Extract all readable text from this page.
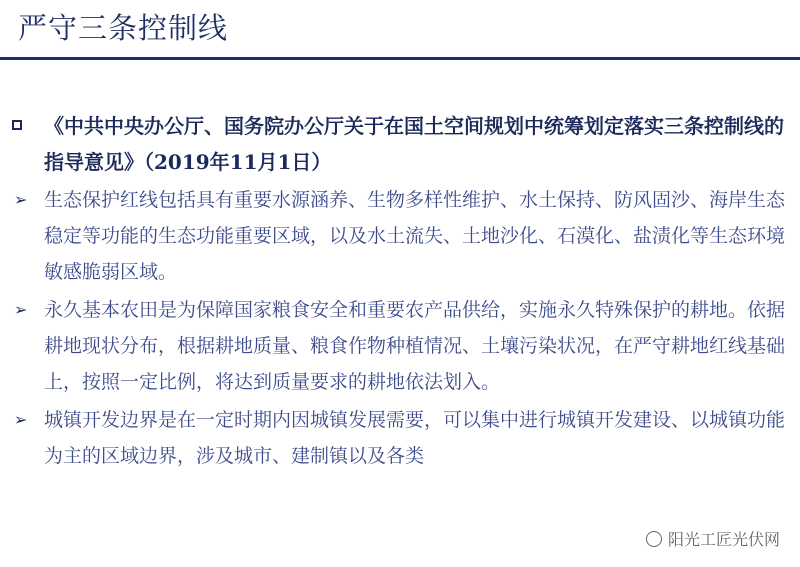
严守三条控制线
《中共中央办公厅、国务院办公厅关于在国土空间规划中统筹划定落实三条控制线的指导意见》（2019年11月1日）
➢ 生态保护红线包括具有重要水源涵养、生物多样性维护、水土保持、防风固沙、海岸生态稳定等功能的生态功能重要区域，以及水土流失、土地沙化、石漠化、盐渍化等生态环境敏感脆弱区域。
➢ 永久基本农田是为保障国家粮食安全和重要农产品供给，实施永久特殊保护的耕地。依据耕地现状分布，根据耕地质量、粮食作物种植情况、土壤污染状况，在严守耕地红线基础上，按照一定比例，将达到质量要求的耕地依法划入。
➢ 城镇开发边界是在一定时期内因城镇发展需要，可以集中进行城镇开发建设、以城镇功能为主的区域边界，涉及城市、建制镇以及各类
阳光工匠光伏网
